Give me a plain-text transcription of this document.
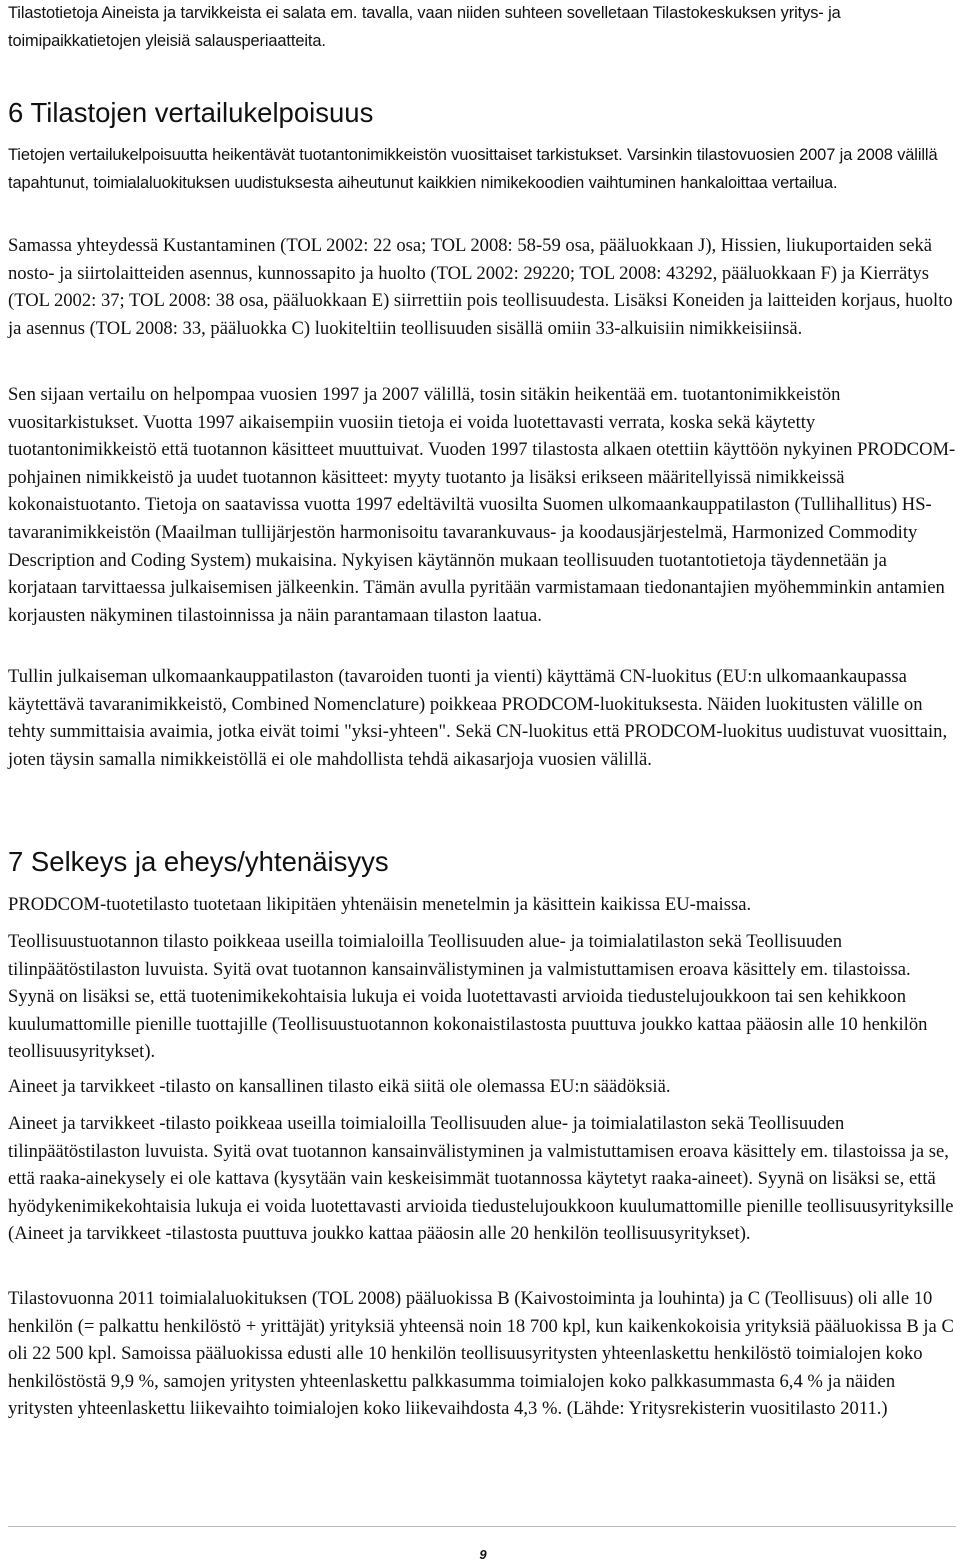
Tilastotietoja Aineista ja tarvikkeista ei salata em. tavalla, vaan niiden suhteen sovelletaan Tilastokeskuksen yritys- ja toimipaikkatietojen yleisiä salausperiaatteita.

6 Tilastojen vertailukelpoisuus

Tietojen vertailukelpoisuutta heikentävät tuotantonimikkeistön vuosittaiset tarkistukset. Varsinkin tilastovuosien 2007 ja 2008 välillä tapahtunut, toimialaluokituksen uudistuksesta aiheutunut kaikkien nimikekoodien vaihtuminen hankaloittaa vertailua.

Samassa yhteydessä Kustantaminen (TOL 2002: 22 osa; TOL 2008: 58-59 osa, pääluokkaan J), Hissien, liukuportaiden sekä nosto- ja siirtolaitteiden asennus, kunnossapito ja huolto (TOL 2002: 29220; TOL 2008: 43292, pääluokkaan F) ja Kierrätys (TOL 2002: 37; TOL 2008: 38 osa, pääluokkaan E) siirrettiin pois teollisuudesta. Lisäksi Koneiden ja laitteiden korjaus, huolto ja asennus (TOL 2008: 33, pääluokka C) luokiteltiin teollisuuden sisällä omiin 33-alkuisiin nimikkeisiinsä.

Sen sijaan vertailu on helpompaa vuosien 1997 ja 2007 välillä, tosin sitäkin heikentää em. tuotantonimikkeistön vuositarkistukset. Vuotta 1997 aikaisempiin vuosiin tietoja ei voida luotettavasti verrata, koska sekä käytetty tuotantonimikkeistö että tuotannon käsitteet muuttuivat. Vuoden 1997 tilastosta alkaen otettiin käyttöön nykyinen PRODCOM-pohjainen nimikkeistö ja uudet tuotannon käsitteet: myyty tuotanto ja lisäksi erikseen määritellyissä nimikkeissä kokonaistuotanto. Tietoja on saatavissa vuotta 1997 edeltäviltä vuosilta Suomen ulkomaankauppatilaston (Tullihallitus) HS-tavaranimikkeistön (Maailman tullijärjestön harmonisoitu tavarankuvaus- ja koodausjärjestelmä, Harmonized Commodity Description and Coding System) mukaisina. Nykyisen käytännön mukaan teollisuuden tuotantotietoja täydennetään ja korjataan tarvittaessa julkaisemisen jälkeenkin. Tämän avulla pyritään varmistamaan tiedonantajien myöhemminkin antamien korjausten näkyminen tilastoinnissa ja näin parantamaan tilaston laatua.

Tullin julkaiseman ulkomaankauppatilaston (tavaroiden tuonti ja vienti) käyttämä CN-luokitus (EU:n ulkomaankaupassa käytettävä tavaranimikkeistö, Combined Nomenclature) poikkeaa PRODCOM-luokituksesta. Näiden luokitusten välille on tehty summittaisia avaimia, jotka eivät toimi "yksi-yhteen". Sekä CN-luokitus että PRODCOM-luokitus uudistuvat vuosittain, joten täysin samalla nimikkeistöllä ei ole mahdollista tehdä aikasarjoja vuosien välillä.

7 Selkeys ja eheys/yhtenäisyys

PRODCOM-tuotetilasto tuotetaan likipitäen yhtenäisin menetelmin ja käsittein kaikissa EU-maissa.

Teollisuustuotannon tilasto poikkeaa useilla toimialoilla Teollisuuden alue- ja toimialatilaston sekä Teollisuuden tilinpäätöstilaston luvuista. Syitä ovat tuotannon kansainvälistyminen ja valmistuttamisen eroava käsittely em. tilastoissa. Syynä on lisäksi se, että tuotenimikekohtaisia lukuja ei voida luotettavasti arvioida tiedustelujoukkoon tai sen kehikkoon kuulumattomille pienille tuottajille (Teollisuustuotannon kokonaistilastosta puuttuva joukko kattaa pääosin alle 10 henkilön teollisuusyritykset).

Aineet ja tarvikkeet -tilasto on kansallinen tilasto eikä siitä ole olemassa EU:n säädöksiä.

Aineet ja tarvikkeet -tilasto poikkeaa useilla toimialoilla Teollisuuden alue- ja toimialatilaston sekä Teollisuuden tilinpäätöstilaston luvuista. Syitä ovat tuotannon kansainvälistyminen ja valmistuttamisen eroava käsittely em. tilastoissa ja se, että raaka-ainekysely ei ole kattava (kysytään vain keskeisimmät tuotannossa käytetyt raaka-aineet). Syynä on lisäksi se, että hyödykenimikekohtaisia lukuja ei voida luotettavasti arvioida tiedustelujoukkoon kuulumattomille pienille teollisuusyrityksille (Aineet ja tarvikkeet -tilastosta puuttuva joukko kattaa pääosin alle 20 henkilön teollisuusyritykset).

Tilastovuonna 2011 toimialaluokituksen (TOL 2008) pääluokissa B (Kaivostoiminta ja louhinta) ja C (Teollisuus) oli alle 10 henkilön (= palkattu henkilöstö + yrittäjät) yrityksiä yhteensä noin 18 700 kpl, kun kaikenkokoisia yrityksiä pääluokissa B ja C oli 22 500 kpl. Samoissa pääluokissa edusti alle 10 henkilön teollisuusyritysten yhteenlaskettu henkilöstö toimialojen koko henkilöstöstä 9,9 %, samojen yritysten yhteenlaskettu palkkasumma toimialojen koko palkkasummasta 6,4 % ja näiden yritysten yhteenlaskettu liikevaihto toimialojen koko liikevaihdosta 4,3 %. (Lähde: Yritysrekisterin vuositilasto 2011.)

9
